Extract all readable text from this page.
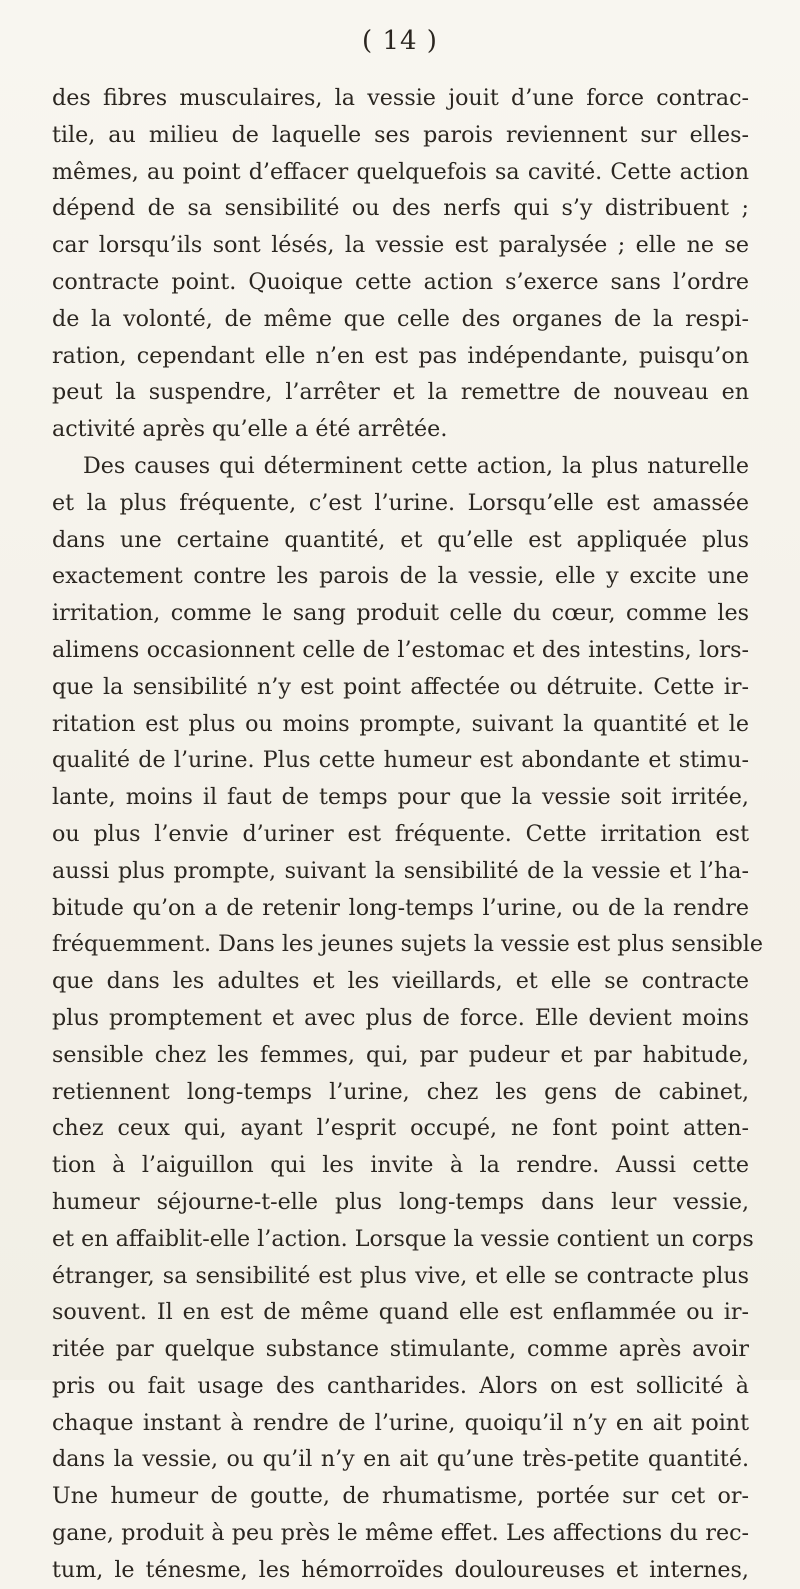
( 14 )
des fibres musculaires, la vessie jouit d’une force contrac-
tile, au milieu de laquelle ses parois reviennent sur elles-
mêmes, au point d’effacer quelquefois sa cavité. Cette action
dépend de sa sensibilité ou des nerfs qui s’y distribuent ;
car lorsqu’ils sont lésés, la vessie est paralysée ; elle ne se
contracte point. Quoique cette action s’exerce sans l’ordre
de la volonté, de même que celle des organes de la respi-
ration, cependant elle n’en est pas indépendante, puisqu’on
peut la suspendre, l’arrêter et la remettre de nouveau en
activité après qu’elle a été arrêtée.
Des causes qui déterminent cette action, la plus naturelle
et la plus fréquente, c’est l’urine. Lorsqu’elle est amassée
dans une certaine quantité, et qu’elle est appliquée plus
exactement contre les parois de la vessie, elle y excite une
irritation, comme le sang produit celle du cœur, comme les
alimens occasionnent celle de l’estomac et des intestins, lors-
que la sensibilité n’y est point affectée ou détruite. Cette ir-
ritation est plus ou moins prompte, suivant la quantité et le
qualité de l’urine. Plus cette humeur est abondante et stimu-
lante, moins il faut de temps pour que la vessie soit irritée,
ou plus l’envie d’uriner est fréquente. Cette irritation est
aussi plus prompte, suivant la sensibilité de la vessie et l’ha-
bitude qu’on a de retenir long-temps l’urine, ou de la rendre
fréquemment. Dans les jeunes sujets la vessie est plus sensible
que dans les adultes et les vieillards, et elle se contracte
plus promptement et avec plus de force. Elle devient moins
sensible chez les femmes, qui, par pudeur et par habitude,
retiennent long-temps l’urine, chez les gens de cabinet,
chez ceux qui, ayant l’esprit occupé, ne font point atten-
tion à l’aiguillon qui les invite à la rendre. Aussi cette
humeur séjourne-t-elle plus long-temps dans leur vessie,
et en affaiblit-elle l’action. Lorsque la vessie contient un corps
étranger, sa sensibilité est plus vive, et elle se contracte plus
souvent. Il en est de même quand elle est enflammée ou ir-
ritée par quelque substance stimulante, comme après avoir
pris ou fait usage des cantharides. Alors on est sollicité à
chaque instant à rendre de l’urine, quoiqu’il n’y en ait point
dans la vessie, ou qu’il n’y en ait qu’une très-petite quantité.
Une humeur de goutte, de rhumatisme, portée sur cet or-
gane, produit à peu près le même effet. Les affections du rec-
tum, le ténesme, les hémorroïdes douloureuses et internes,
